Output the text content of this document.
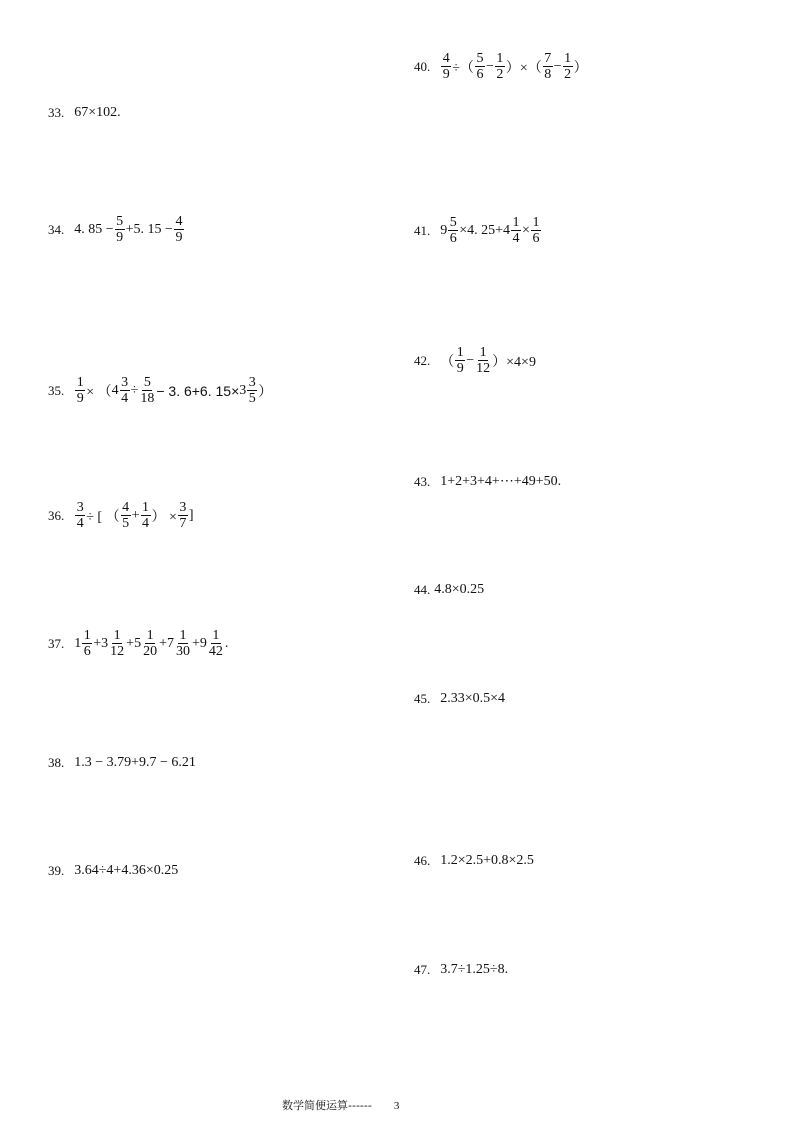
33. 67×102.
34. 4. $85 - \frac{5}{9} +5$. $15 - \frac{4}{9}$
35. $\frac{1}{9}$ × （ $4 \frac{3}{4} \div \frac{5}{18} - 3$. 6+6. $15\times 3 \frac{3}{5}$ ）
36. $\frac{3}{4}$ ÷ [ （ $\frac{4}{5} + \frac{1}{4}$ ） × $\frac{3}{7}$ ]
37. $1 \frac{1}{6} + 3 \frac{1}{12} + 5 \frac{1}{20} + 7 \frac{1}{30} + 9 \frac{1}{42}$ .
38. 1.3 − 3.79+9.7 − 6.21
39. 3.64÷4+4.36×0.25
40. $\frac{4}{9}$ ÷（ $\frac{5}{6} - \frac{1}{2}$ ）×（ $\frac{7}{8} - \frac{1}{2}$ ）
41. $9 \frac{5}{6} \times 4$. $25+ 4 \frac{1}{4} \times \frac{1}{6}$
42. （ $\frac{1}{9} - \frac{1}{12} )\times 4\times 9$
43. 1+2+3+4+⋯+49+50.
44. 4.8×0.25
45. 2.33×0.5×4
46. 1.2×2.5+0.8×2.5
47. 3.7÷1.25÷8.
数学简便运算------ 3
